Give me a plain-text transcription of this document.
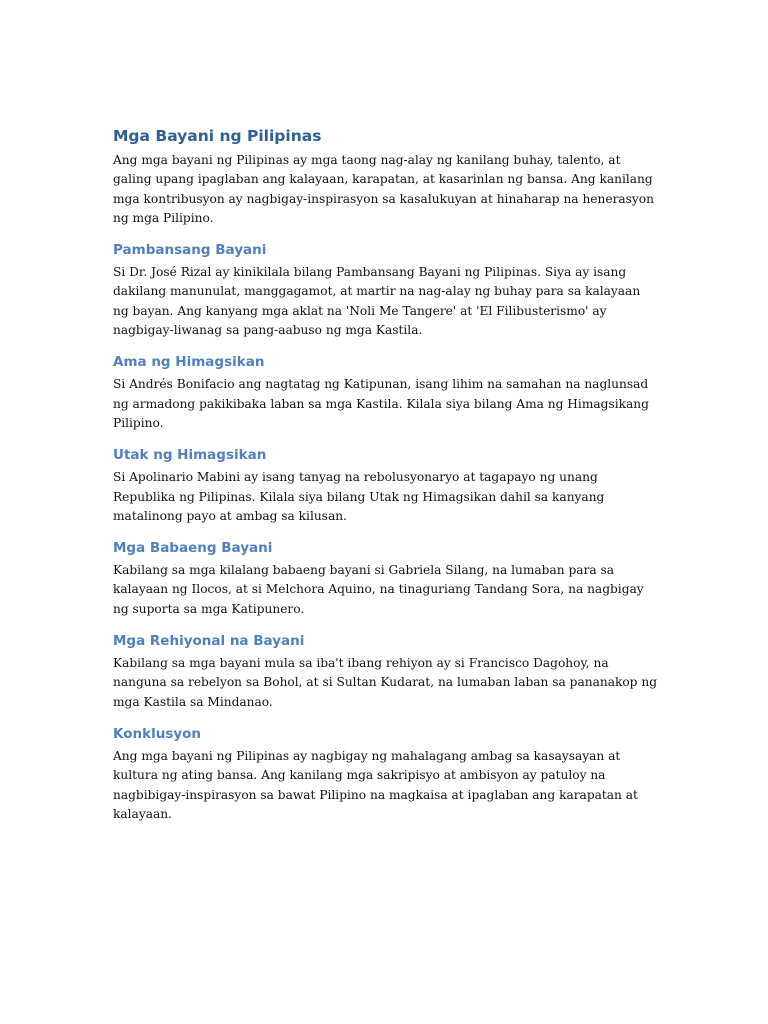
Mga Bayani ng Pilipinas

Ang mga bayani ng Pilipinas ay mga taong nag-alay ng kanilang buhay, talento, at galing upang ipaglaban ang kalayaan, karapatan, at kasarinlan ng bansa. Ang kanilang mga kontribusyon ay nagbigay-inspirasyon sa kasalukuyan at hinaharap na henerasyon ng mga Pilipino.

Pambansang Bayani

Si Dr. José Rizal ay kinikilala bilang Pambansang Bayani ng Pilipinas. Siya ay isang dakilang manunulat, manggagamot, at martir na nag-alay ng buhay para sa kalayaan ng bayan. Ang kanyang mga aklat na 'Noli Me Tangere' at 'El Filibusterismo' ay nagbigay-liwanag sa pang-aabuso ng mga Kastila.

Ama ng Himagsikan

Si Andrés Bonifacio ang nagtatag ng Katipunan, isang lihim na samahan na naglunsad ng armadong pakikibaka laban sa mga Kastila. Kilala siya bilang Ama ng Himagsikang Pilipino.

Utak ng Himagsikan

Si Apolinario Mabini ay isang tanyag na rebolusyonaryo at tagapayo ng unang Republika ng Pilipinas. Kilala siya bilang Utak ng Himagsikan dahil sa kanyang matalinong payo at ambag sa kilusan.

Mga Babaeng Bayani

Kabilang sa mga kilalang babaeng bayani si Gabriela Silang, na lumaban para sa kalayaan ng Ilocos, at si Melchora Aquino, na tinaguriang Tandang Sora, na nagbigay ng suporta sa mga Katipunero.

Mga Rehiyonal na Bayani

Kabilang sa mga bayani mula sa iba't ibang rehiyon ay si Francisco Dagohoy, na nanguna sa rebelyon sa Bohol, at si Sultan Kudarat, na lumaban laban sa pananakop ng mga Kastila sa Mindanao.

Konklusyon

Ang mga bayani ng Pilipinas ay nagbigay ng mahalagang ambag sa kasaysayan at kultura ng ating bansa. Ang kanilang mga sakripisyo at ambisyon ay patuloy na nagbibigay-inspirasyon sa bawat Pilipino na magkaisa at ipaglaban ang karapatan at kalayaan.
